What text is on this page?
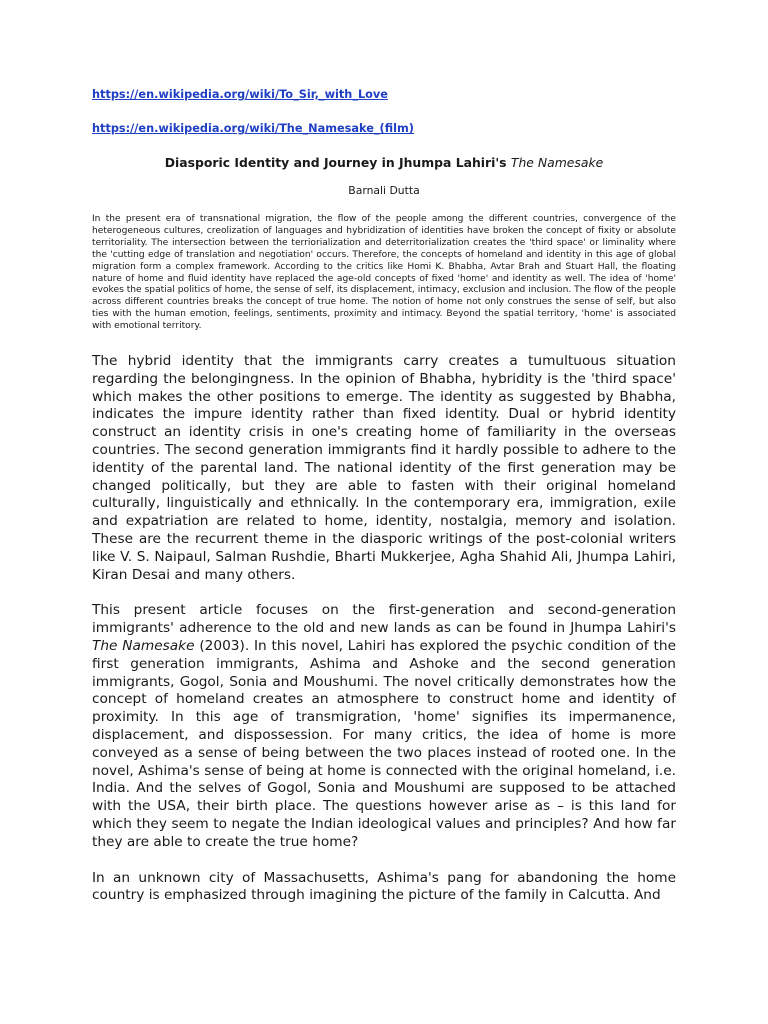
https://en.wikipedia.org/wiki/To_Sir,_with_Love
https://en.wikipedia.org/wiki/The_Namesake_(film)
Diasporic Identity and Journey in Jhumpa Lahiri's The Namesake
Barnali Dutta
In the present era of transnational migration, the flow of the people among the different countries, convergence of the heterogeneous cultures, creolization of languages and hybridization of identities have broken the concept of fixity or absolute territoriality. The intersection between the terriorialization and deterritorialization creates the 'third space' or liminality where the 'cutting edge of translation and negotiation' occurs. Therefore, the concepts of homeland and identity in this age of global migration form a complex framework. According to the critics like Homi K. Bhabha, Avtar Brah and Stuart Hall, the floating nature of home and fluid identity have replaced the age-old concepts of fixed 'home' and identity as well. The idea of 'home' evokes the spatial politics of home, the sense of self, its displacement, intimacy, exclusion and inclusion. The flow of the people across different countries breaks the concept of true home. The notion of home not only construes the sense of self, but also ties with the human emotion, feelings, sentiments, proximity and intimacy. Beyond the spatial territory, 'home' is associated with emotional territory.

The hybrid identity that the immigrants carry creates a tumultuous situation regarding the belongingness. In the opinion of Bhabha, hybridity is the 'third space' which makes the other positions to emerge. The identity as suggested by Bhabha, indicates the impure identity rather than fixed identity. Dual or hybrid identity construct an identity crisis in one's creating home of familiarity in the overseas countries. The second generation immigrants find it hardly possible to adhere to the identity of the parental land. The national identity of the first generation may be changed politically, but they are able to fasten with their original homeland culturally, linguistically and ethnically. In the contemporary era, immigration, exile and expatriation are related to home, identity, nostalgia, memory and isolation. These are the recurrent theme in the diasporic writings of the post-colonial writers like V. S. Naipaul, Salman Rushdie, Bharti Mukkerjee, Agha Shahid Ali, Jhumpa Lahiri, Kiran Desai and many others.

This present article focuses on the first-generation and second-generation immigrants' adherence to the old and new lands as can be found in Jhumpa Lahiri's The Namesake (2003). In this novel, Lahiri has explored the psychic condition of the first generation immigrants, Ashima and Ashoke and the second generation immigrants, Gogol, Sonia and Moushumi. The novel critically demonstrates how the concept of homeland creates an atmosphere to construct home and identity of proximity. In this age of transmigration, 'home' signifies its impermanence, displacement, and dispossession. For many critics, the idea of home is more conveyed as a sense of being between the two places instead of rooted one. In the novel, Ashima's sense of being at home is connected with the original homeland, i.e. India. And the selves of Gogol, Sonia and Moushumi are supposed to be attached with the USA, their birth place. The questions however arise as – is this land for which they seem to negate the Indian ideological values and principles? And how far they are able to create the true home?

In an unknown city of Massachusetts, Ashima's pang for abandoning the home country is emphasized through imagining the picture of the family in Calcutta. And
